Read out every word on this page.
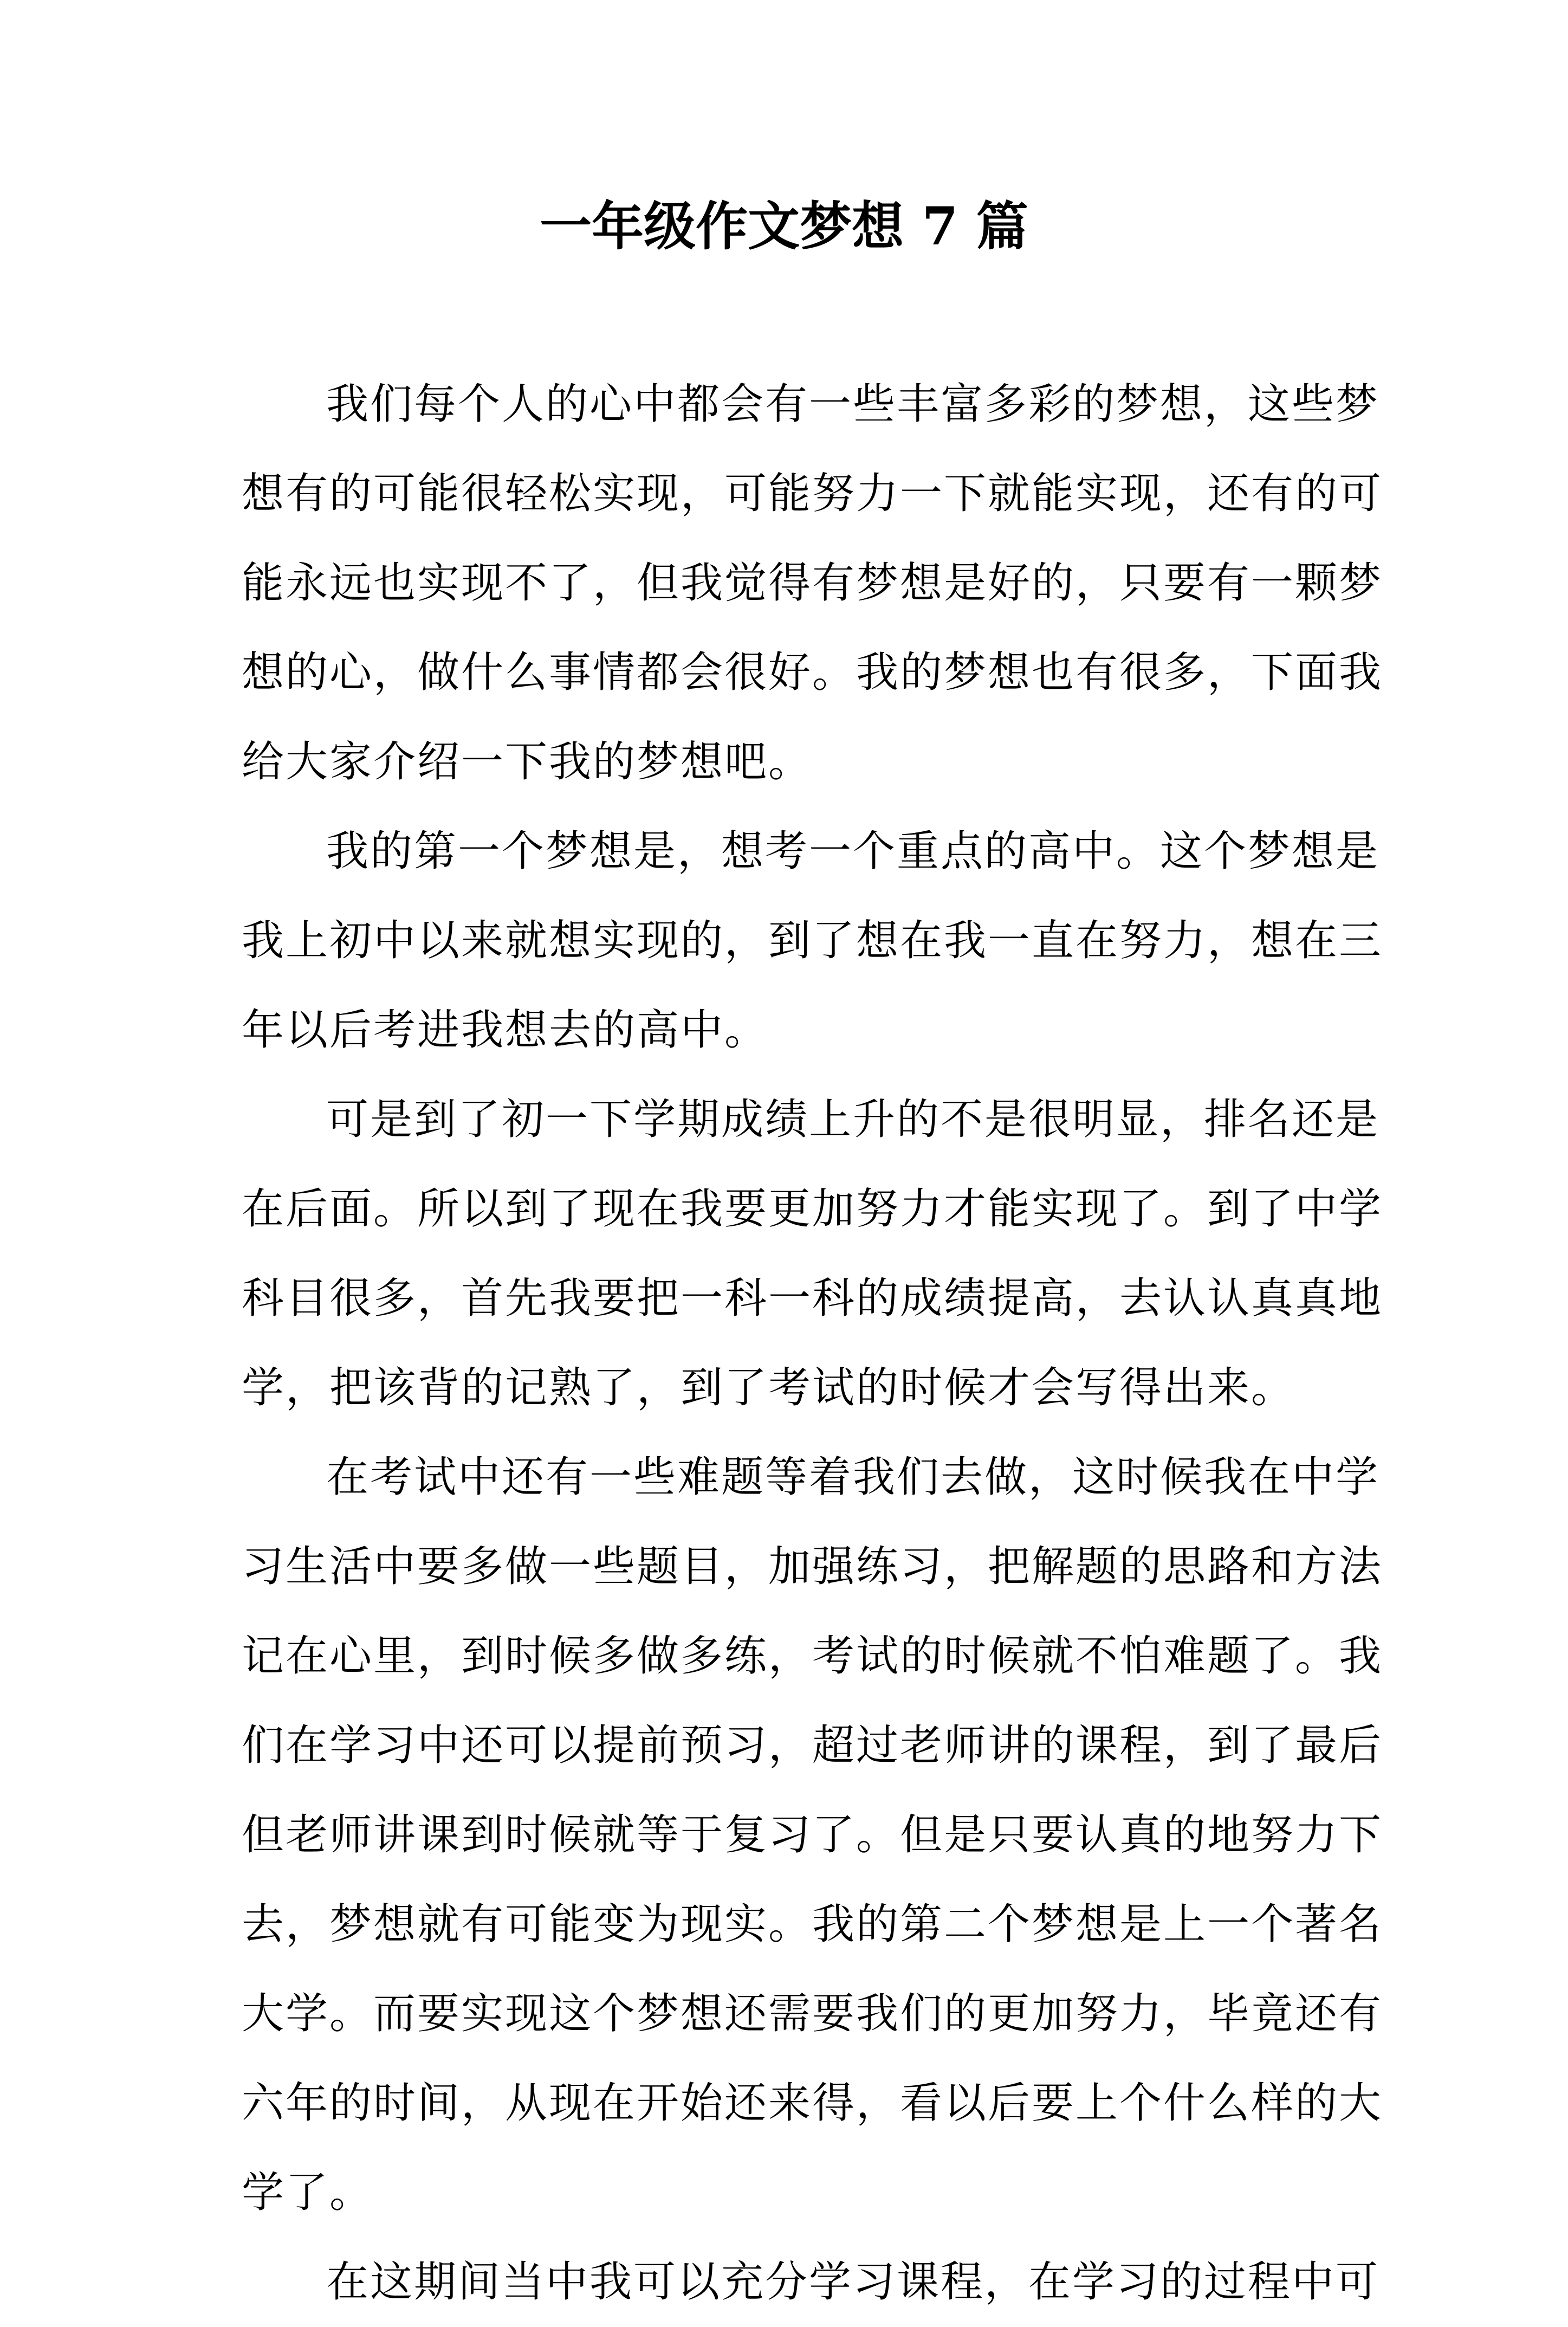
一年级作文梦想 7 篇
我们每个人的心中都会有一些丰富多彩的梦想，这些梦
想有的可能很轻松实现，可能努力一下就能实现，还有的可
能永远也实现不了，但我觉得有梦想是好的，只要有一颗梦
想的心，做什么事情都会很好。我的梦想也有很多，下面我
给大家介绍一下我的梦想吧。
我的第一个梦想是，想考一个重点的高中。这个梦想是
我上初中以来就想实现的，到了想在我一直在努力，想在三
年以后考进我想去的高中。
可是到了初一下学期成绩上升的不是很明显，排名还是
在后面。所以到了现在我要更加努力才能实现了。到了中学
科目很多，首先我要把一科一科的成绩提高，去认认真真地
学，把该背的记熟了，到了考试的时候才会写得出来。
在考试中还有一些难题等着我们去做，这时候我在中学
习生活中要多做一些题目，加强练习，把解题的思路和方法
记在心里，到时候多做多练，考试的时候就不怕难题了。我
们在学习中还可以提前预习，超过老师讲的课程，到了最后
但老师讲课到时候就等于复习了。但是只要认真的地努力下
去，梦想就有可能变为现实。我的第二个梦想是上一个著名
大学。而要实现这个梦想还需要我们的更加努力，毕竟还有
六年的时间，从现在开始还来得，看以后要上个什么样的大
学了。
在这期间当中我可以充分学习课程，在学习的过程中可
